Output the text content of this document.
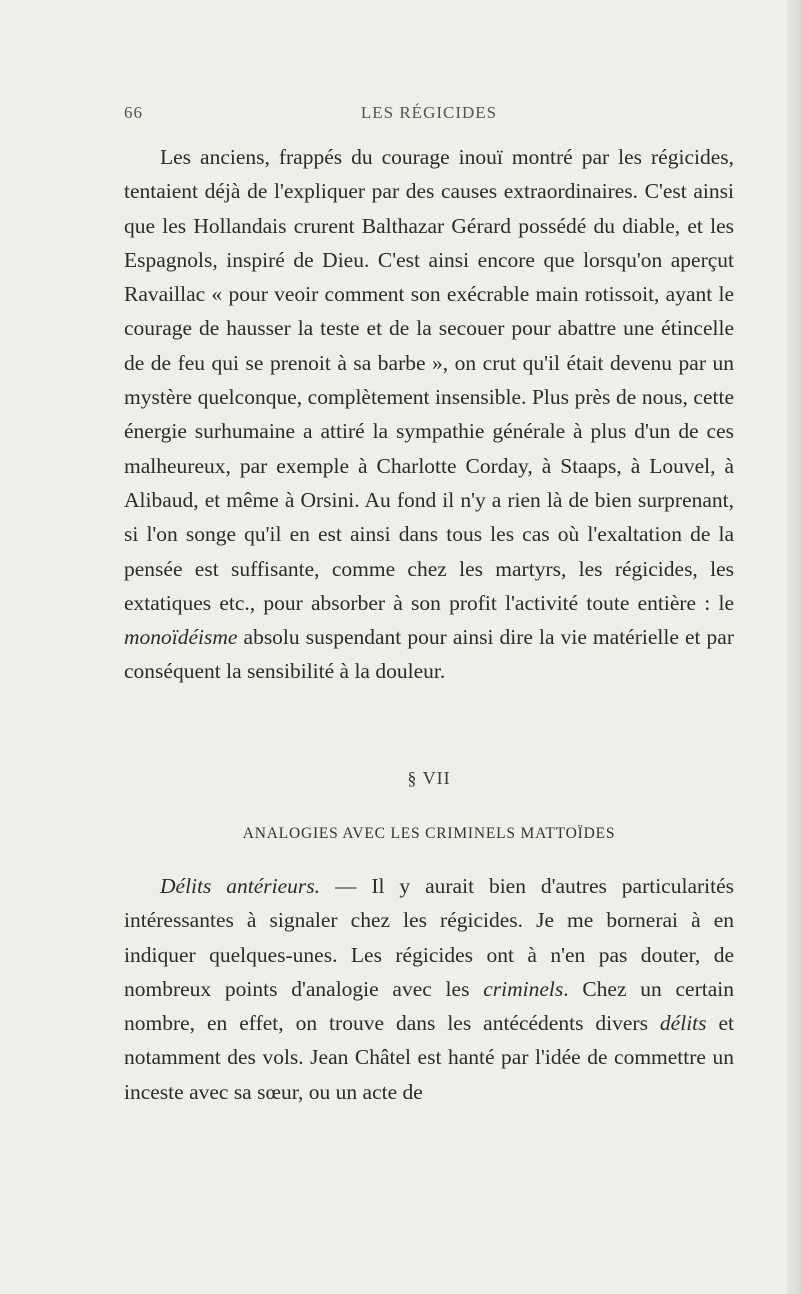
66	LES RÉGICIDES

Les anciens, frappés du courage inouï montré par les régicides, tentaient déjà de l'expliquer par des causes extraordinaires. C'est ainsi que les Hollandais crurent Balthazar Gérard possédé du diable, et les Espagnols, inspiré de Dieu. C'est ainsi encore que lorsqu'on aperçut Ravaillac « pour veoir comment son exécrable main rotissoit, ayant le courage de hausser la teste et de la secouer pour abattre une étincelle de de feu qui se prenoit à sa barbe », on crut qu'il était devenu par un mystère quelconque, complètement insensible. Plus près de nous, cette énergie surhumaine a attiré la sympathie générale à plus d'un de ces malheureux, par exemple à Charlotte Corday, à Staaps, à Louvel, à Alibaud, et même à Orsini. Au fond il n'y a rien là de bien surprenant, si l'on songe qu'il en est ainsi dans tous les cas où l'exaltation de la pensée est suffisante, comme chez les martyrs, les régicides, les extatiques etc., pour absorber à son profit l'activité toute entière : le monoïdéisme absolu suspendant pour ainsi dire la vie matérielle et par conséquent la sensibilité à la douleur.

§ VII
ANALOGIES AVEC LES CRIMINELS MATTOÏDES

Délits antérieurs. — Il y aurait bien d'autres particularités intéressantes à signaler chez les régicides. Je me bornerai à en indiquer quelques-unes. Les régicides ont à n'en pas douter, de nombreux points d'analogie avec les criminels. Chez un certain nombre, en effet, on trouve dans les antécédents divers délits et notamment des vols. Jean Châtel est hanté par l'idée de commettre un inceste avec sa sœur, ou un acte de
